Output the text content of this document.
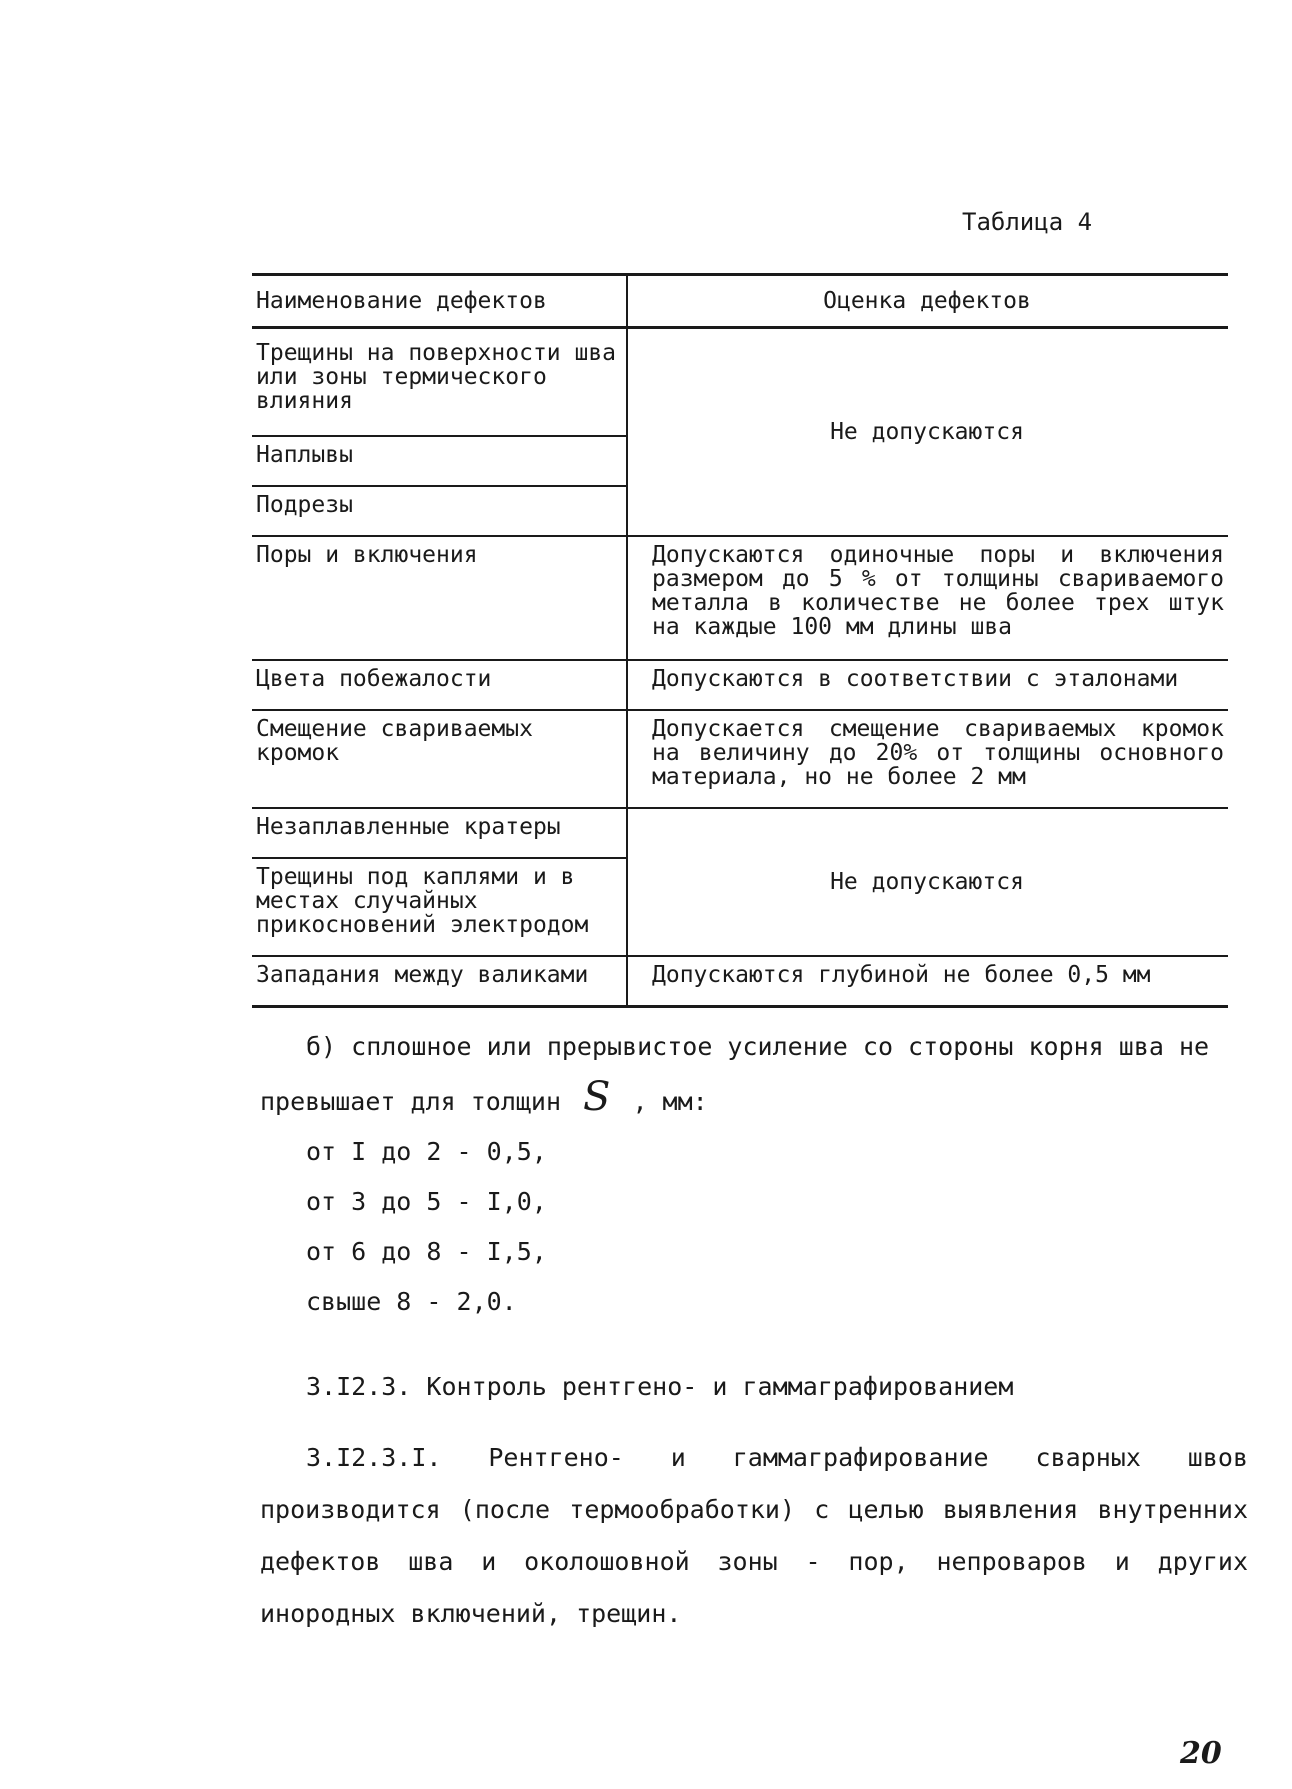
Таблица 4
Наименование дефектов	Оценка дефектов
Трещины на поверхности шва или зоны термического влияния	Не допускаются
Наплывы	
Подрезы	
Поры и включения	Допускаются одиночные поры и включения размером до 5 % от толщины свариваемого металла в количестве не более трех штук на каждые 100 мм длины шва
Цвета побежалости	Допускаются в соответствии с эталонами
Смещение свариваемых кромок	Допускается смещение свариваемых кромок на величину до 20% от толщины основного материала, но не более 2 мм
Незаплавленные кратеры	Не допускаются
Трещины под каплями и в местах случайных прикосновений электродом	
Западания между валиками	Допускаются глубиной не более 0,5 мм

б) сплошное или прерывистое усиление со стороны корня шва не превышает для толщин S , мм:

от I до 2 - 0,5,

от 3 до 5 - I,0,

от 6 до 8 - I,5,

свыше 8 - 2,0.

3.I2.3. Контроль рентгено- и гаммаграфированием

3.I2.3.I. Рентгено- и гаммаграфирование сварных швов производится (после термообработки) с целью выявления внутренних дефектов шва и околошовной зоны - пор, непроваров и других инородных включений, трещин.

20
